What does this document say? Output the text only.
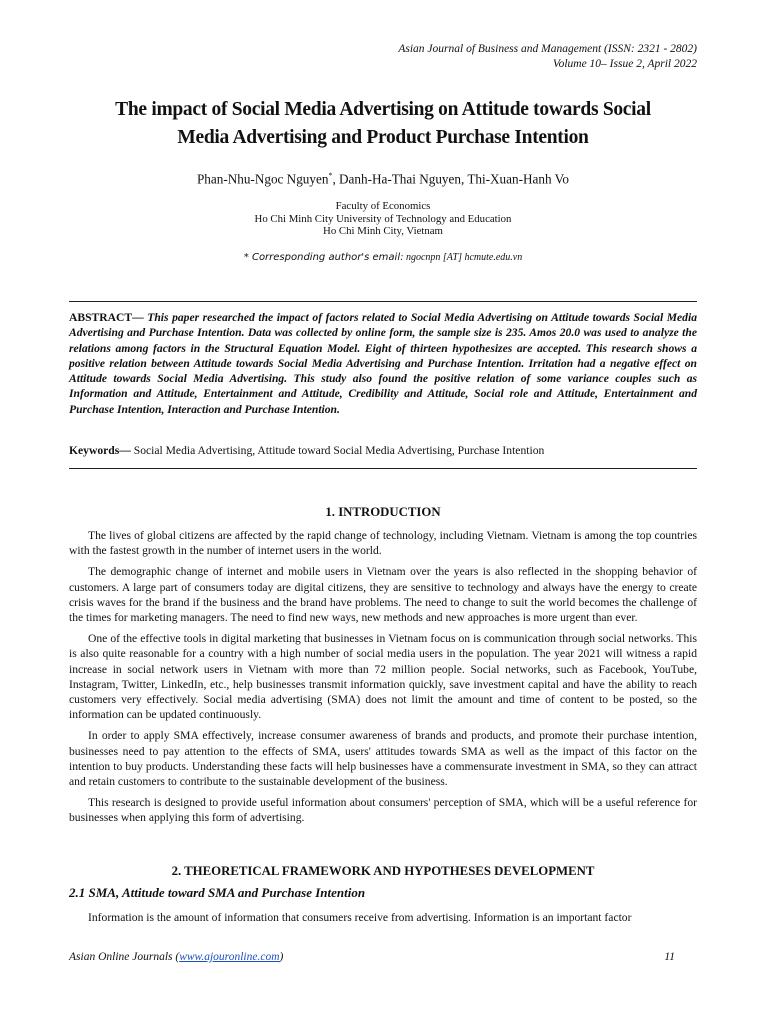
Asian Journal of Business and Management (ISSN: 2321 - 2802)
Volume 10– Issue 2, April 2022
The impact of Social Media Advertising on Attitude towards Social
Media Advertising and Product Purchase Intention
Phan-Nhu-Ngoc Nguyen*, Danh-Ha-Thai Nguyen, Thi-Xuan-Hanh Vo
Faculty of Economics
Ho Chi Minh City University of Technology and Education
Ho Chi Minh City, Vietnam
* Corresponding author's email: ngocnpn [AT] hcmute.edu.vn
ABSTRACT— This paper researched the impact of factors related to Social Media Advertising on Attitude towards Social Media Advertising and Purchase Intention. Data was collected by online form, the sample size is 235. Amos 20.0 was used to analyze the relations among factors in the Structural Equation Model. Eight of thirteen hypothesizes are accepted. This research shows a positive relation between Attitude towards Social Media Advertising and Purchase Intention. Irritation had a negative effect on Attitude towards Social Media Advertising. This study also found the positive relation of some variance couples such as Information and Attitude, Entertainment and Attitude, Credibility and Attitude, Social role and Attitude, Entertainment and Purchase Intention, Interaction and Purchase Intention.
Keywords— Social Media Advertising, Attitude toward Social Media Advertising, Purchase Intention
1. INTRODUCTION

The lives of global citizens are affected by the rapid change of technology, including Vietnam. Vietnam is among the top countries with the fastest growth in the number of internet users in the world.

The demographic change of internet and mobile users in Vietnam over the years is also reflected in the shopping behavior of customers. A large part of consumers today are digital citizens, they are sensitive to technology and always have the energy to create crisis waves for the brand if the business and the brand have problems. The need to change to suit the world becomes the challenge of the times for marketing managers. The need to find new ways, new methods and new approaches is more urgent than ever.

One of the effective tools in digital marketing that businesses in Vietnam focus on is communication through social networks. This is also quite reasonable for a country with a high number of social media users in the population. The year 2021 will witness a rapid increase in social network users in Vietnam with more than 72 million people. Social networks, such as Facebook, YouTube, Instagram, Twitter, LinkedIn, etc., help businesses transmit information quickly, save investment capital and have the ability to reach customers very effectively. Social media advertising (SMA) does not limit the amount and time of content to be posted, so the information can be updated continuously.

In order to apply SMA effectively, increase consumer awareness of brands and products, and promote their purchase intention, businesses need to pay attention to the effects of SMA, users' attitudes towards SMA as well as the impact of this factor on the intention to buy products. Understanding these facts will help businesses have a commensurate investment in SMA, so they can attract and retain customers to contribute to the sustainable development of the business.

This research is designed to provide useful information about consumers' perception of SMA, which will be a useful reference for businesses when applying this form of advertising.

2. THEORETICAL FRAMEWORK AND HYPOTHESES DEVELOPMENT
2.1 SMA, Attitude toward SMA and Purchase Intention

Information is the amount of information that consumers receive from advertising. Information is an important factor

Asian Online Journals (www.ajouronline.com)	11
